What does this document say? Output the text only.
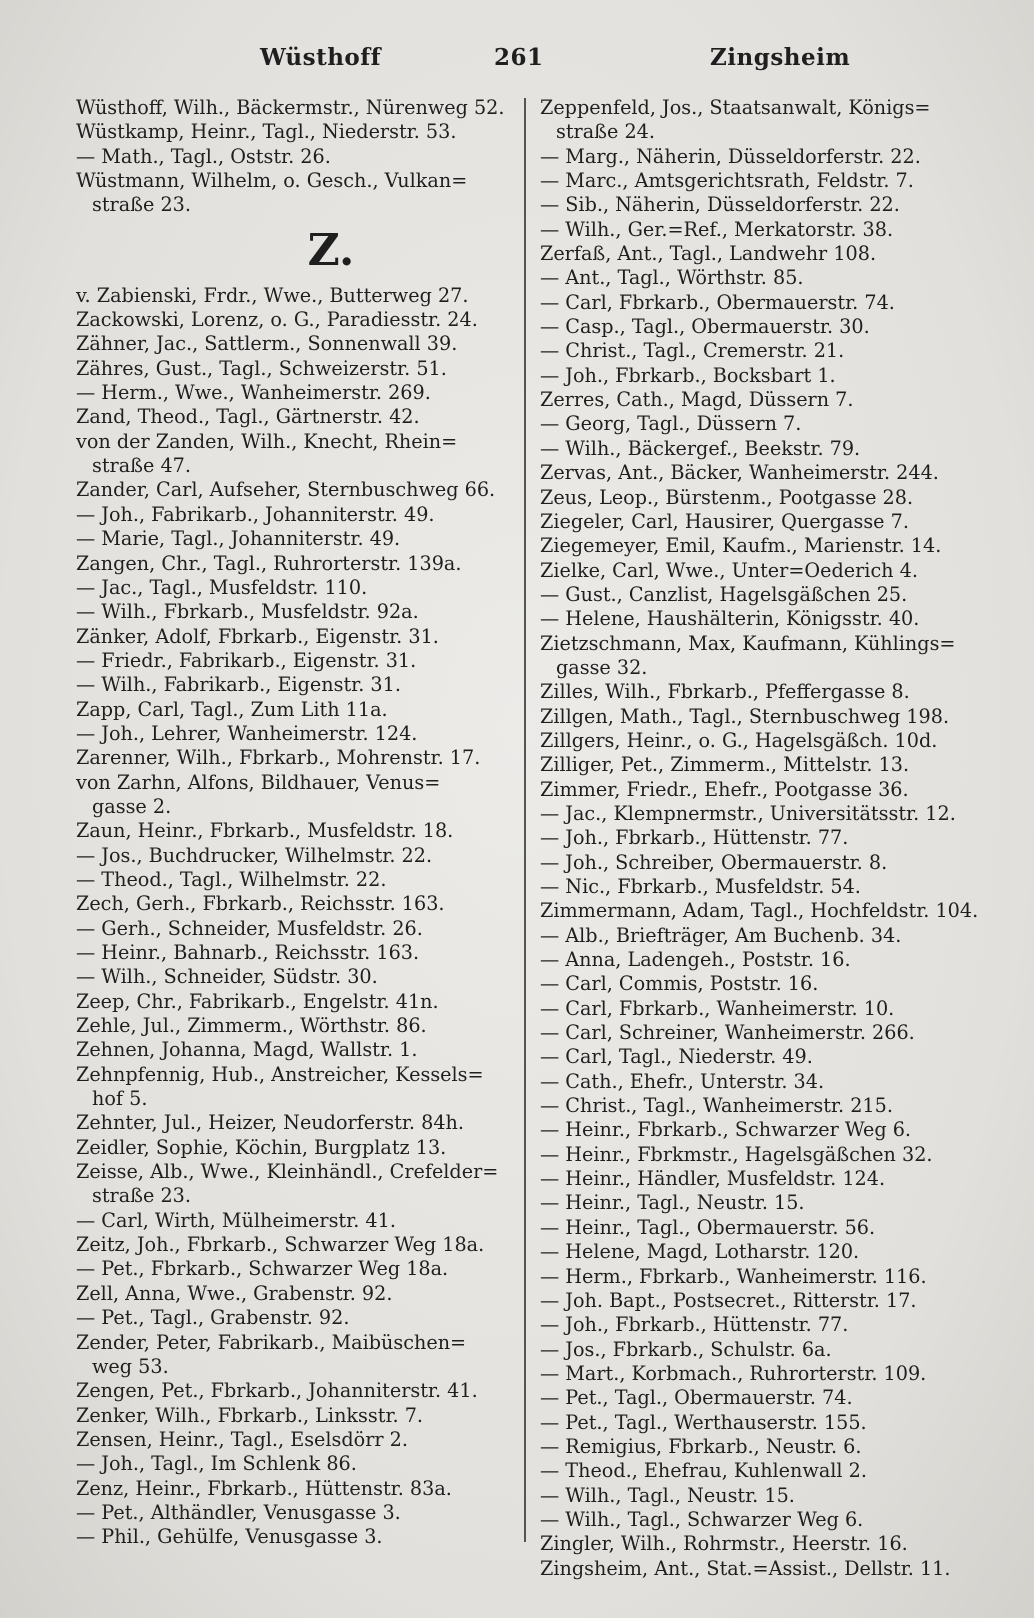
Wüsthoff	261	Zingsheim
Wüsthoff, Wilh., Bäckermstr., Nürenweg 52.
Wüstkamp, Heinr., Tagl., Niederstr. 53.
— Math., Tagl., Oststr. 26.
Wüstmann, Wilhelm, o. Gesch., Vulkan=
straße 23.
Z.
v. Zabienski, Frdr., Wwe., Butterweg 27.
Zackowski, Lorenz, o. G., Paradiesstr. 24.
Zähner, Jac., Sattlerm., Sonnenwall 39.
Zähres, Gust., Tagl., Schweizerstr. 51.
— Herm., Wwe., Wanheimerstr. 269.
Zand, Theod., Tagl., Gärtnerstr. 42.
von der Zanden, Wilh., Knecht, Rhein=
straße 47.
Zander, Carl, Aufseher, Sternbuschweg 66.
— Joh., Fabrikarb., Johanniterstr. 49.
— Marie, Tagl., Johanniterstr. 49.
Zangen, Chr., Tagl., Ruhrorterstr. 139a.
— Jac., Tagl., Musfeldstr. 110.
— Wilh., Fbrkarb., Musfeldstr. 92a.
Zänker, Adolf, Fbrkarb., Eigenstr. 31.
— Friedr., Fabrikarb., Eigenstr. 31.
— Wilh., Fabrikarb., Eigenstr. 31.
Zapp, Carl, Tagl., Zum Lith 11a.
— Joh., Lehrer, Wanheimerstr. 124.
Zarenner, Wilh., Fbrkarb., Mohrenstr. 17.
von Zarhn, Alfons, Bildhauer, Venus=
gasse 2.
Zaun, Heinr., Fbrkarb., Musfeldstr. 18.
— Jos., Buchdrucker, Wilhelmstr. 22.
— Theod., Tagl., Wilhelmstr. 22.
Zech, Gerh., Fbrkarb., Reichsstr. 163.
— Gerh., Schneider, Musfeldstr. 26.
— Heinr., Bahnarb., Reichsstr. 163.
— Wilh., Schneider, Südstr. 30.
Zeep, Chr., Fabrikarb., Engelstr. 41n.
Zehle, Jul., Zimmerm., Wörthstr. 86.
Zehnen, Johanna, Magd, Wallstr. 1.
Zehnpfennig, Hub., Anstreicher, Kessels=
hof 5.
Zehnter, Jul., Heizer, Neudorferstr. 84h.
Zeidler, Sophie, Köchin, Burgplatz 13.
Zeisse, Alb., Wwe., Kleinhändl., Crefelder=
straße 23.
— Carl, Wirth, Mülheimerstr. 41.
Zeitz, Joh., Fbrkarb., Schwarzer Weg 18a.
— Pet., Fbrkarb., Schwarzer Weg 18a.
Zell, Anna, Wwe., Grabenstr. 92.
— Pet., Tagl., Grabenstr. 92.
Zender, Peter, Fabrikarb., Maibüschen=
weg 53.
Zengen, Pet., Fbrkarb., Johanniterstr. 41.
Zenker, Wilh., Fbrkarb., Linksstr. 7.
Zensen, Heinr., Tagl., Eselsdörr 2.
— Joh., Tagl., Im Schlenk 86.
Zenz, Heinr., Fbrkarb., Hüttenstr. 83a.
— Pet., Althändler, Venusgasse 3.
— Phil., Gehülfe, Venusgasse 3.
Zeppenfeld, Jos., Staatsanwalt, Königs=
straße 24.
— Marg., Näherin, Düsseldorferstr. 22.
— Marc., Amtsgerichtsrath, Feldstr. 7.
— Sib., Näherin, Düsseldorferstr. 22.
— Wilh., Ger.=Ref., Merkatorstr. 38.
Zerfaß, Ant., Tagl., Landwehr 108.
— Ant., Tagl., Wörthstr. 85.
— Carl, Fbrkarb., Obermauerstr. 74.
— Casp., Tagl., Obermauerstr. 30.
— Christ., Tagl., Cremerstr. 21.
— Joh., Fbrkarb., Bocksbart 1.
Zerres, Cath., Magd, Düssern 7.
— Georg, Tagl., Düssern 7.
— Wilh., Bäckergef., Beekstr. 79.
Zervas, Ant., Bäcker, Wanheimerstr. 244.
Zeus, Leop., Bürstenm., Pootgasse 28.
Ziegeler, Carl, Hausirer, Quergasse 7.
Ziegemeyer, Emil, Kaufm., Marienstr. 14.
Zielke, Carl, Wwe., Unter=Oederich 4.
— Gust., Canzlist, Hagelsgäßchen 25.
— Helene, Haushälterin, Königsstr. 40.
Zietzschmann, Max, Kaufmann, Kühlings=
gasse 32.
Zilles, Wilh., Fbrkarb., Pfeffergasse 8.
Zillgen, Math., Tagl., Sternbuschweg 198.
Zillgers, Heinr., o. G., Hagelsgäßch. 10d.
Zilliger, Pet., Zimmerm., Mittelstr. 13.
Zimmer, Friedr., Ehefr., Pootgasse 36.
— Jac., Klempnermstr., Universitätsstr. 12.
— Joh., Fbrkarb., Hüttenstr. 77.
— Joh., Schreiber, Obermauerstr. 8.
— Nic., Fbrkarb., Musfeldstr. 54.
Zimmermann, Adam, Tagl., Hochfeldstr. 104.
— Alb., Briefträger, Am Buchenb. 34.
— Anna, Ladengeh., Poststr. 16.
— Carl, Commis, Poststr. 16.
— Carl, Fbrkarb., Wanheimerstr. 10.
— Carl, Schreiner, Wanheimerstr. 266.
— Carl, Tagl., Niederstr. 49.
— Cath., Ehefr., Unterstr. 34.
— Christ., Tagl., Wanheimerstr. 215.
— Heinr., Fbrkarb., Schwarzer Weg 6.
— Heinr., Fbrkmstr., Hagelsgäßchen 32.
— Heinr., Händler, Musfeldstr. 124.
— Heinr., Tagl., Neustr. 15.
— Heinr., Tagl., Obermauerstr. 56.
— Helene, Magd, Lotharstr. 120.
— Herm., Fbrkarb., Wanheimerstr. 116.
— Joh. Bapt., Postsecret., Ritterstr. 17.
— Joh., Fbrkarb., Hüttenstr. 77.
— Jos., Fbrkarb., Schulstr. 6a.
— Mart., Korbmach., Ruhrorterstr. 109.
— Pet., Tagl., Obermauerstr. 74.
— Pet., Tagl., Werthauserstr. 155.
— Remigius, Fbrkarb., Neustr. 6.
— Theod., Ehefrau, Kuhlenwall 2.
— Wilh., Tagl., Neustr. 15.
— Wilh., Tagl., Schwarzer Weg 6.
Zingler, Wilh., Rohrmstr., Heerstr. 16.
Zingsheim, Ant., Stat.=Assist., Dellstr. 11.
